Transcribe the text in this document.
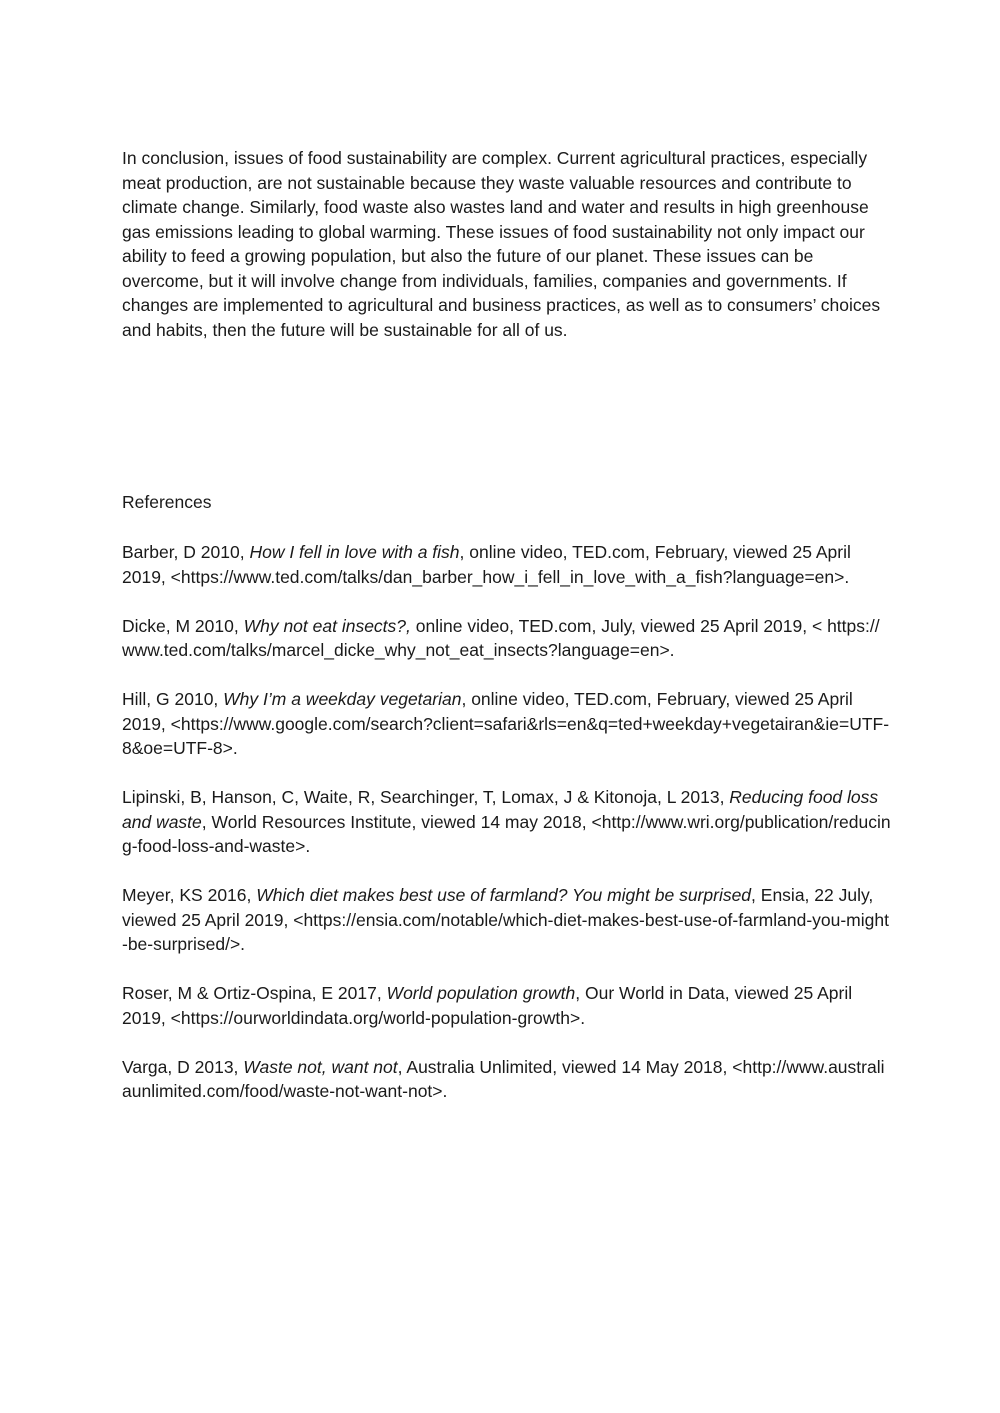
In conclusion, issues of food sustainability are complex. Current agricultural practices, especially meat production, are not sustainable because they waste valuable resources and contribute to climate change. Similarly, food waste also wastes land and water and results in high greenhouse gas emissions leading to global warming. These issues of food sustainability not only impact our ability to feed a growing population, but also the future of our planet. These issues can be overcome, but it will involve change from individuals, families, companies and governments. If changes are implemented to agricultural and business practices, as well as to consumers’ choices and habits, then the future will be sustainable for all of us.

References

Barber, D 2010, How I fell in love with a fish, online video, TED.com, February, viewed 25 April 2019, <https://www.ted.com/talks/dan_barber_how_i_fell_in_love_with_a_fish?language=en>.
Dicke, M 2010, Why not eat insects?, online video, TED.com, July, viewed 25 April 2019, < https://www.ted.com/talks/marcel_dicke_why_not_eat_insects?language=en>.
Hill, G 2010, Why I’m a weekday vegetarian, online video, TED.com, February, viewed 25 April 2019, <https://www.google.com/search?client=safari&rls=en&q=ted+weekday+vegetairan&ie=UTF-8&oe=UTF-8>.
Lipinski, B, Hanson, C, Waite, R, Searchinger, T, Lomax, J & Kitonoja, L 2013, Reducing food loss and waste, World Resources Institute, viewed 14 may 2018, <http://www.wri.org/publication/reducing-food-loss-and-waste>.
Meyer, KS 2016, Which diet makes best use of farmland? You might be surprised, Ensia, 22 July, viewed 25 April 2019, <https://ensia.com/notable/which-diet-makes-best-use-of-farmland-you-might-be-surprised/>.
Roser, M & Ortiz-Ospina, E 2017, World population growth, Our World in Data, viewed 25 April 2019, <https://ourworldindata.org/world-population-growth>.
Varga, D 2013, Waste not, want not, Australia Unlimited, viewed 14 May 2018, <http://www.australiaunlimited.com/food/waste-not-want-not>.
